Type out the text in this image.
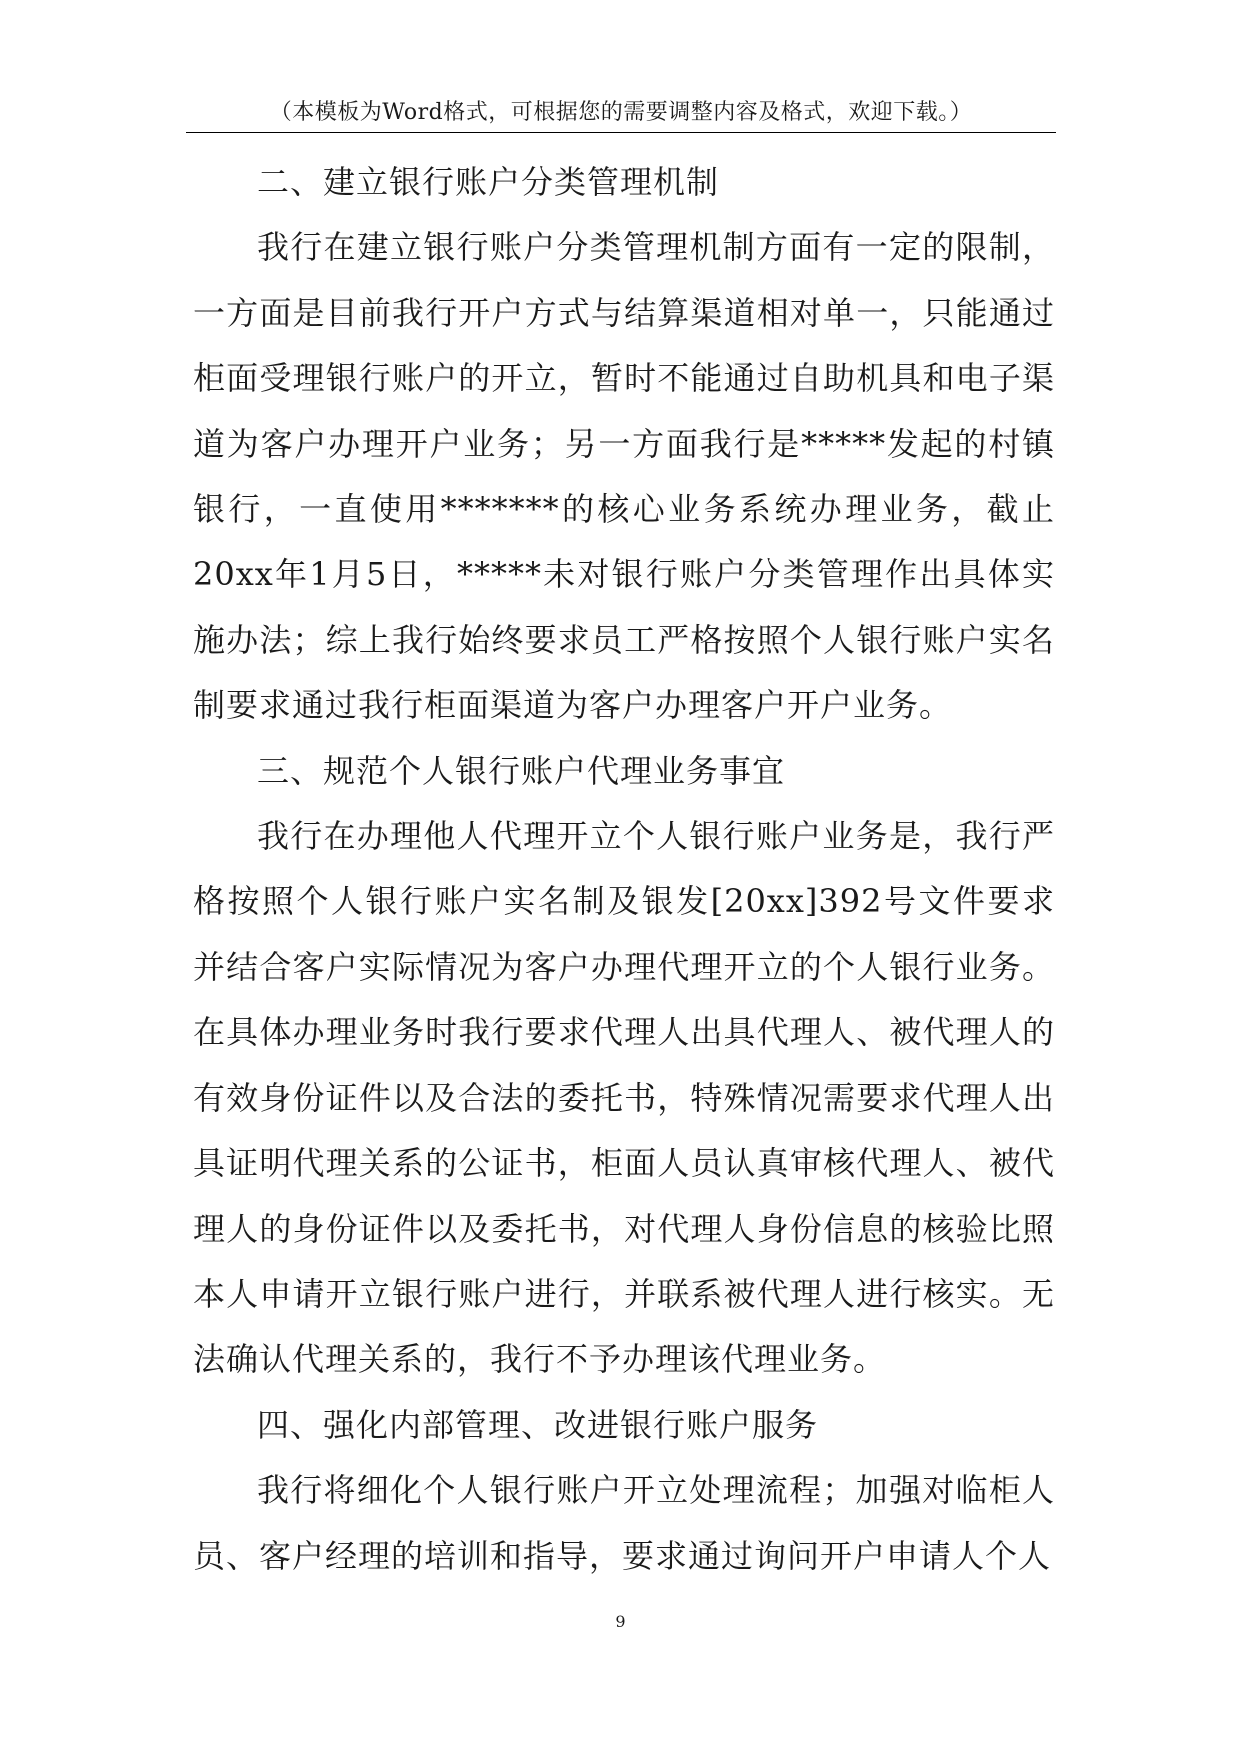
（本模板为Word格式，可根据您的需要调整内容及格式，欢迎下载。）

二、建立银行账户分类管理机制

我行在建立银行账户分类管理机制方面有一定的限制，一方面是目前我行开户方式与结算渠道相对单一，只能通过柜面受理银行账户的开立，暂时不能通过自助机具和电子渠道为客户办理开户业务；另一方面我行是*****发起的村镇银行，一直使用*******的核心业务系统办理业务，截止20xx年1月5日，*****未对银行账户分类管理作出具体实施办法；综上我行始终要求员工严格按照个人银行账户实名制要求通过我行柜面渠道为客户办理客户开户业务。

三、规范个人银行账户代理业务事宜

我行在办理他人代理开立个人银行账户业务是，我行严格按照个人银行账户实名制及银发[20xx]392号文件要求并结合客户实际情况为客户办理代理开立的个人银行业务。在具体办理业务时我行要求代理人出具代理人、被代理人的有效身份证件以及合法的委托书，特殊情况需要求代理人出具证明代理关系的公证书，柜面人员认真审核代理人、被代理人的身份证件以及委托书，对代理人身份信息的核验比照本人申请开立银行账户进行，并联系被代理人进行核实。无法确认代理关系的，我行不予办理该代理业务。

四、强化内部管理、改进银行账户服务

我行将细化个人银行账户开立处理流程；加强对临柜人员、客户经理的培训和指导，要求通过询问开户申请人个人

9
